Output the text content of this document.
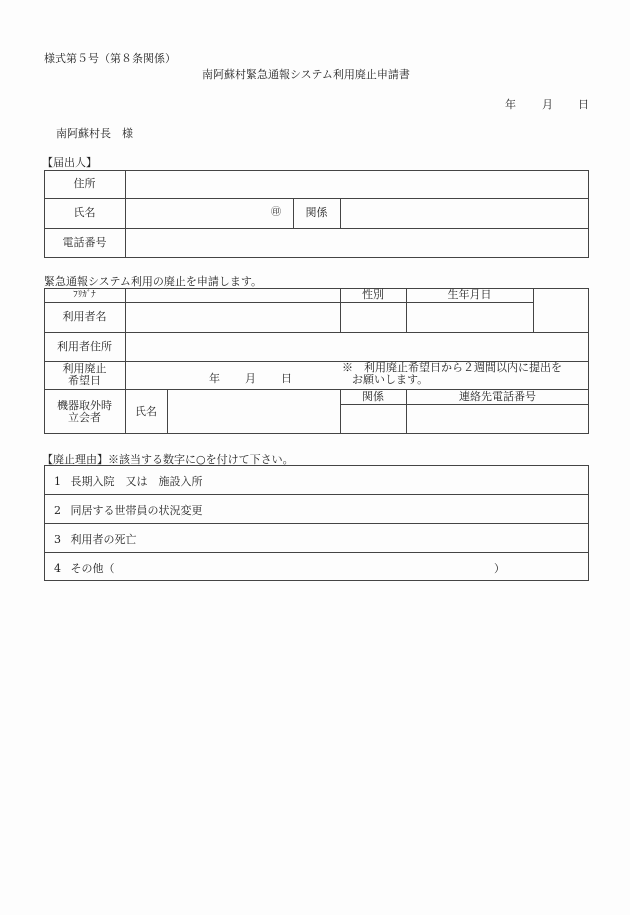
様式第５号（第８条関係）
南阿蘇村緊急通報システム利用廃止申請書
年 月 日
南阿蘇村長　様
【届出人】
住所
氏名	㊞	関係
電話番号
緊急通報システム利用の廃止を申請します。
ﾌﾘｶﾞﾅ	性別	生年月日
利用者名
利用者住所
利用廃止
希望日	年 月 日
※　利用廃止希望日から２週間以内に提出を
お願いします。
機器取外時
立会者	氏名
関係	連絡先電話番号
【廃止理由】※該当する数字に○を付けて下さい。
1 長期入院　又は　施設入所
2 同居する世帯員の状況変更
3 利用者の死亡
4 その他（	）
